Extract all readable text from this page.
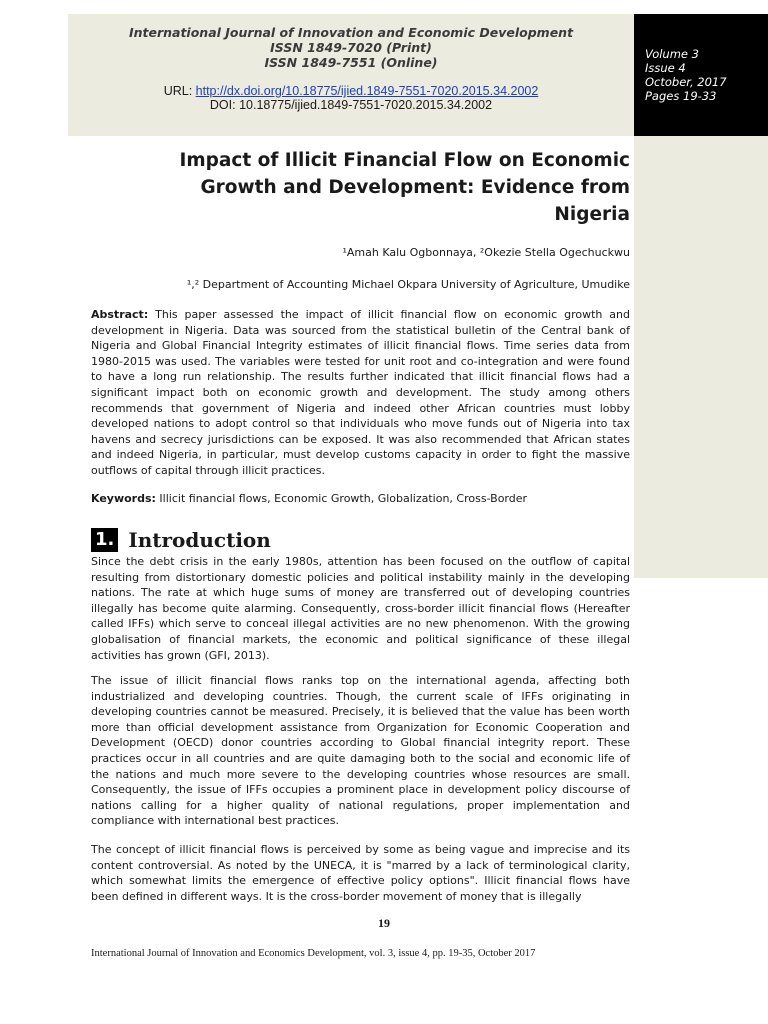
International Journal of Innovation and Economic Development
ISSN 1849-7020 (Print)
ISSN 1849-7551 (Online)
URL: http://dx.doi.org/10.18775/ijied.1849-7551-7020.2015.34.2002
DOI: 10.18775/ijied.1849-7551-7020.2015.34.2002
Volume 3
Issue 4
October, 2017
Pages 19-33
Impact of Illicit Financial Flow on Economic
Growth and Development: Evidence from
Nigeria
¹Amah Kalu Ogbonnaya, ²Okezie Stella Ogechuckwu
¹,² Department of Accounting Michael Okpara University of Agriculture, Umudike

Abstract: This paper assessed the impact of illicit financial flow on economic growth and development in Nigeria. Data was sourced from the statistical bulletin of the Central bank of Nigeria and Global Financial Integrity estimates of illicit financial flows. Time series data from 1980-2015 was used. The variables were tested for unit root and co-integration and were found to have a long run relationship. The results further indicated that illicit financial flows had a significant impact both on economic growth and development. The study among others recommends that government of Nigeria and indeed other African countries must lobby developed nations to adopt control so that individuals who move funds out of Nigeria into tax havens and secrecy jurisdictions can be exposed. It was also recommended that African states and indeed Nigeria, in particular, must develop customs capacity in order to fight the massive outflows of capital through illicit practices.

Keywords: Illicit financial flows, Economic Growth, Globalization, Cross-Border

1. Introduction

Since the debt crisis in the early 1980s, attention has been focused on the outflow of capital resulting from distortionary domestic policies and political instability mainly in the developing nations. The rate at which huge sums of money are transferred out of developing countries illegally has become quite alarming. Consequently, cross-border illicit financial flows (Hereafter called IFFs) which serve to conceal illegal activities are no new phenomenon. With the growing globalisation of financial markets, the economic and political significance of these illegal activities has grown (GFI, 2013).

The issue of illicit financial flows ranks top on the international agenda, affecting both industrialized and developing countries. Though, the current scale of IFFs originating in developing countries cannot be measured. Precisely, it is believed that the value has been worth more than official development assistance from Organization for Economic Cooperation and Development (OECD) donor countries according to Global financial integrity report. These practices occur in all countries and are quite damaging both to the social and economic life of the nations and much more severe to the developing countries whose resources are small. Consequently, the issue of IFFs occupies a prominent place in development policy discourse of nations calling for a higher quality of national regulations, proper implementation and compliance with international best practices.

The concept of illicit financial flows is perceived by some as being vague and imprecise and its content controversial. As noted by the UNECA, it is "marred by a lack of terminological clarity, which somewhat limits the emergence of effective policy options". Illicit financial flows have been defined in different ways. It is the cross-border movement of money that is illegally

19
International Journal of Innovation and Economics Development, vol. 3, issue 4, pp. 19-35, October 2017
